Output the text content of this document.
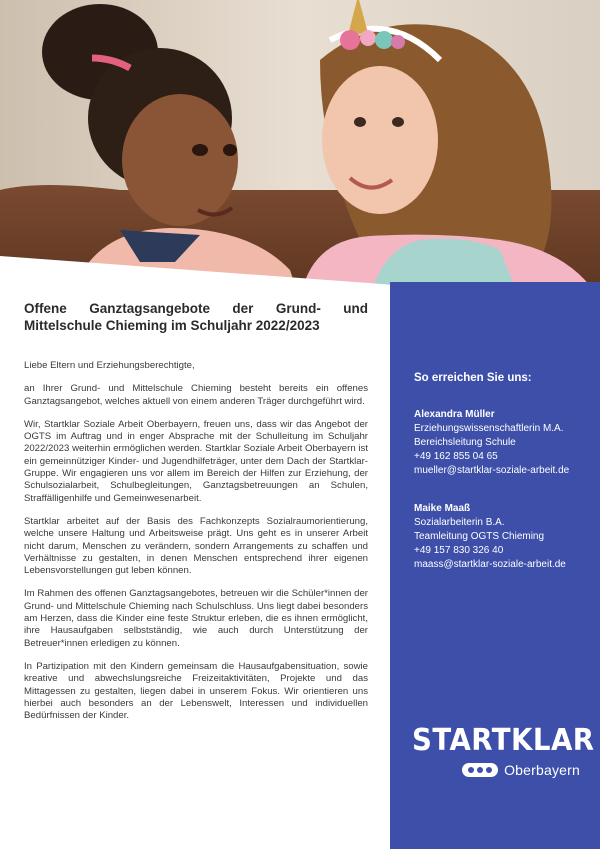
So erreichen Sie uns:
Alexandra Müller
Erziehungswissenschaftlerin M.A.
Bereichsleitung Schule
+49 162 855 04 65
mueller@startklar-soziale-arbeit.de
Maike Maaß
Sozialarbeiterin B.A.
Teamleitung OGTS Chieming
+49 157 830 326 40
maass@startklar-soziale-arbeit.de
STARTKLAR
Oberbayern
Offene Ganztagsangebote der Grund- und Mittelschule Chieming im Schuljahr 2022/2023

Liebe Eltern und Erziehungsberechtigte,

an Ihrer Grund- und Mittelschule Chieming besteht bereits ein offenes Ganztagsangebot, welches aktuell von einem anderen Träger durchgeführt wird.

Wir, Startklar Soziale Arbeit Oberbayern, freuen uns, dass wir das Angebot der OGTS im Auftrag und in enger Absprache mit der Schulleitung im Schuljahr 2022/2023 weiterhin ermöglichen werden. Startklar Soziale Arbeit Oberbayern ist ein gemeinnütziger Kinder- und Jugendhilfeträger, unter dem Dach der Startklar-Gruppe. Wir engagieren uns vor allem im Bereich der Hilfen zur Erziehung, der Schulsozialarbeit, Schulbegleitungen, Ganztagsbetreuungen an Schulen, Straffälligenhilfe und Gemeinwesenarbeit.

Startklar arbeitet auf der Basis des Fachkonzepts Sozialraumorientierung, welche unsere Haltung und Arbeitsweise prägt. Uns geht es in unserer Arbeit nicht darum, Menschen zu verändern, sondern Arrangements zu schaffen und Verhältnisse zu gestalten, in denen Menschen entsprechend ihrer eigenen Lebensvorstellungen gut leben können.

Im Rahmen des offenen Ganztagsangebotes, betreuen wir die Schüler*innen der Grund- und Mittelschule Chieming nach Schulschluss. Uns liegt dabei besonders am Herzen, dass die Kinder eine feste Struktur erleben, die es ihnen ermöglicht, ihre Hausaufgaben selbstständig, wie auch durch Unterstützung der Betreuer*innen erledigen zu können.

In Partizipation mit den Kindern gemeinsam die Hausaufgabensituation, sowie kreative und abwechslungsreiche Freizeitaktivitäten, Projekte und das Mittagessen zu gestalten, liegen dabei in unserem Fokus. Wir orientieren uns hierbei auch besonders an der Lebenswelt, Interessen und individuellen Bedürfnissen der Kinder.
